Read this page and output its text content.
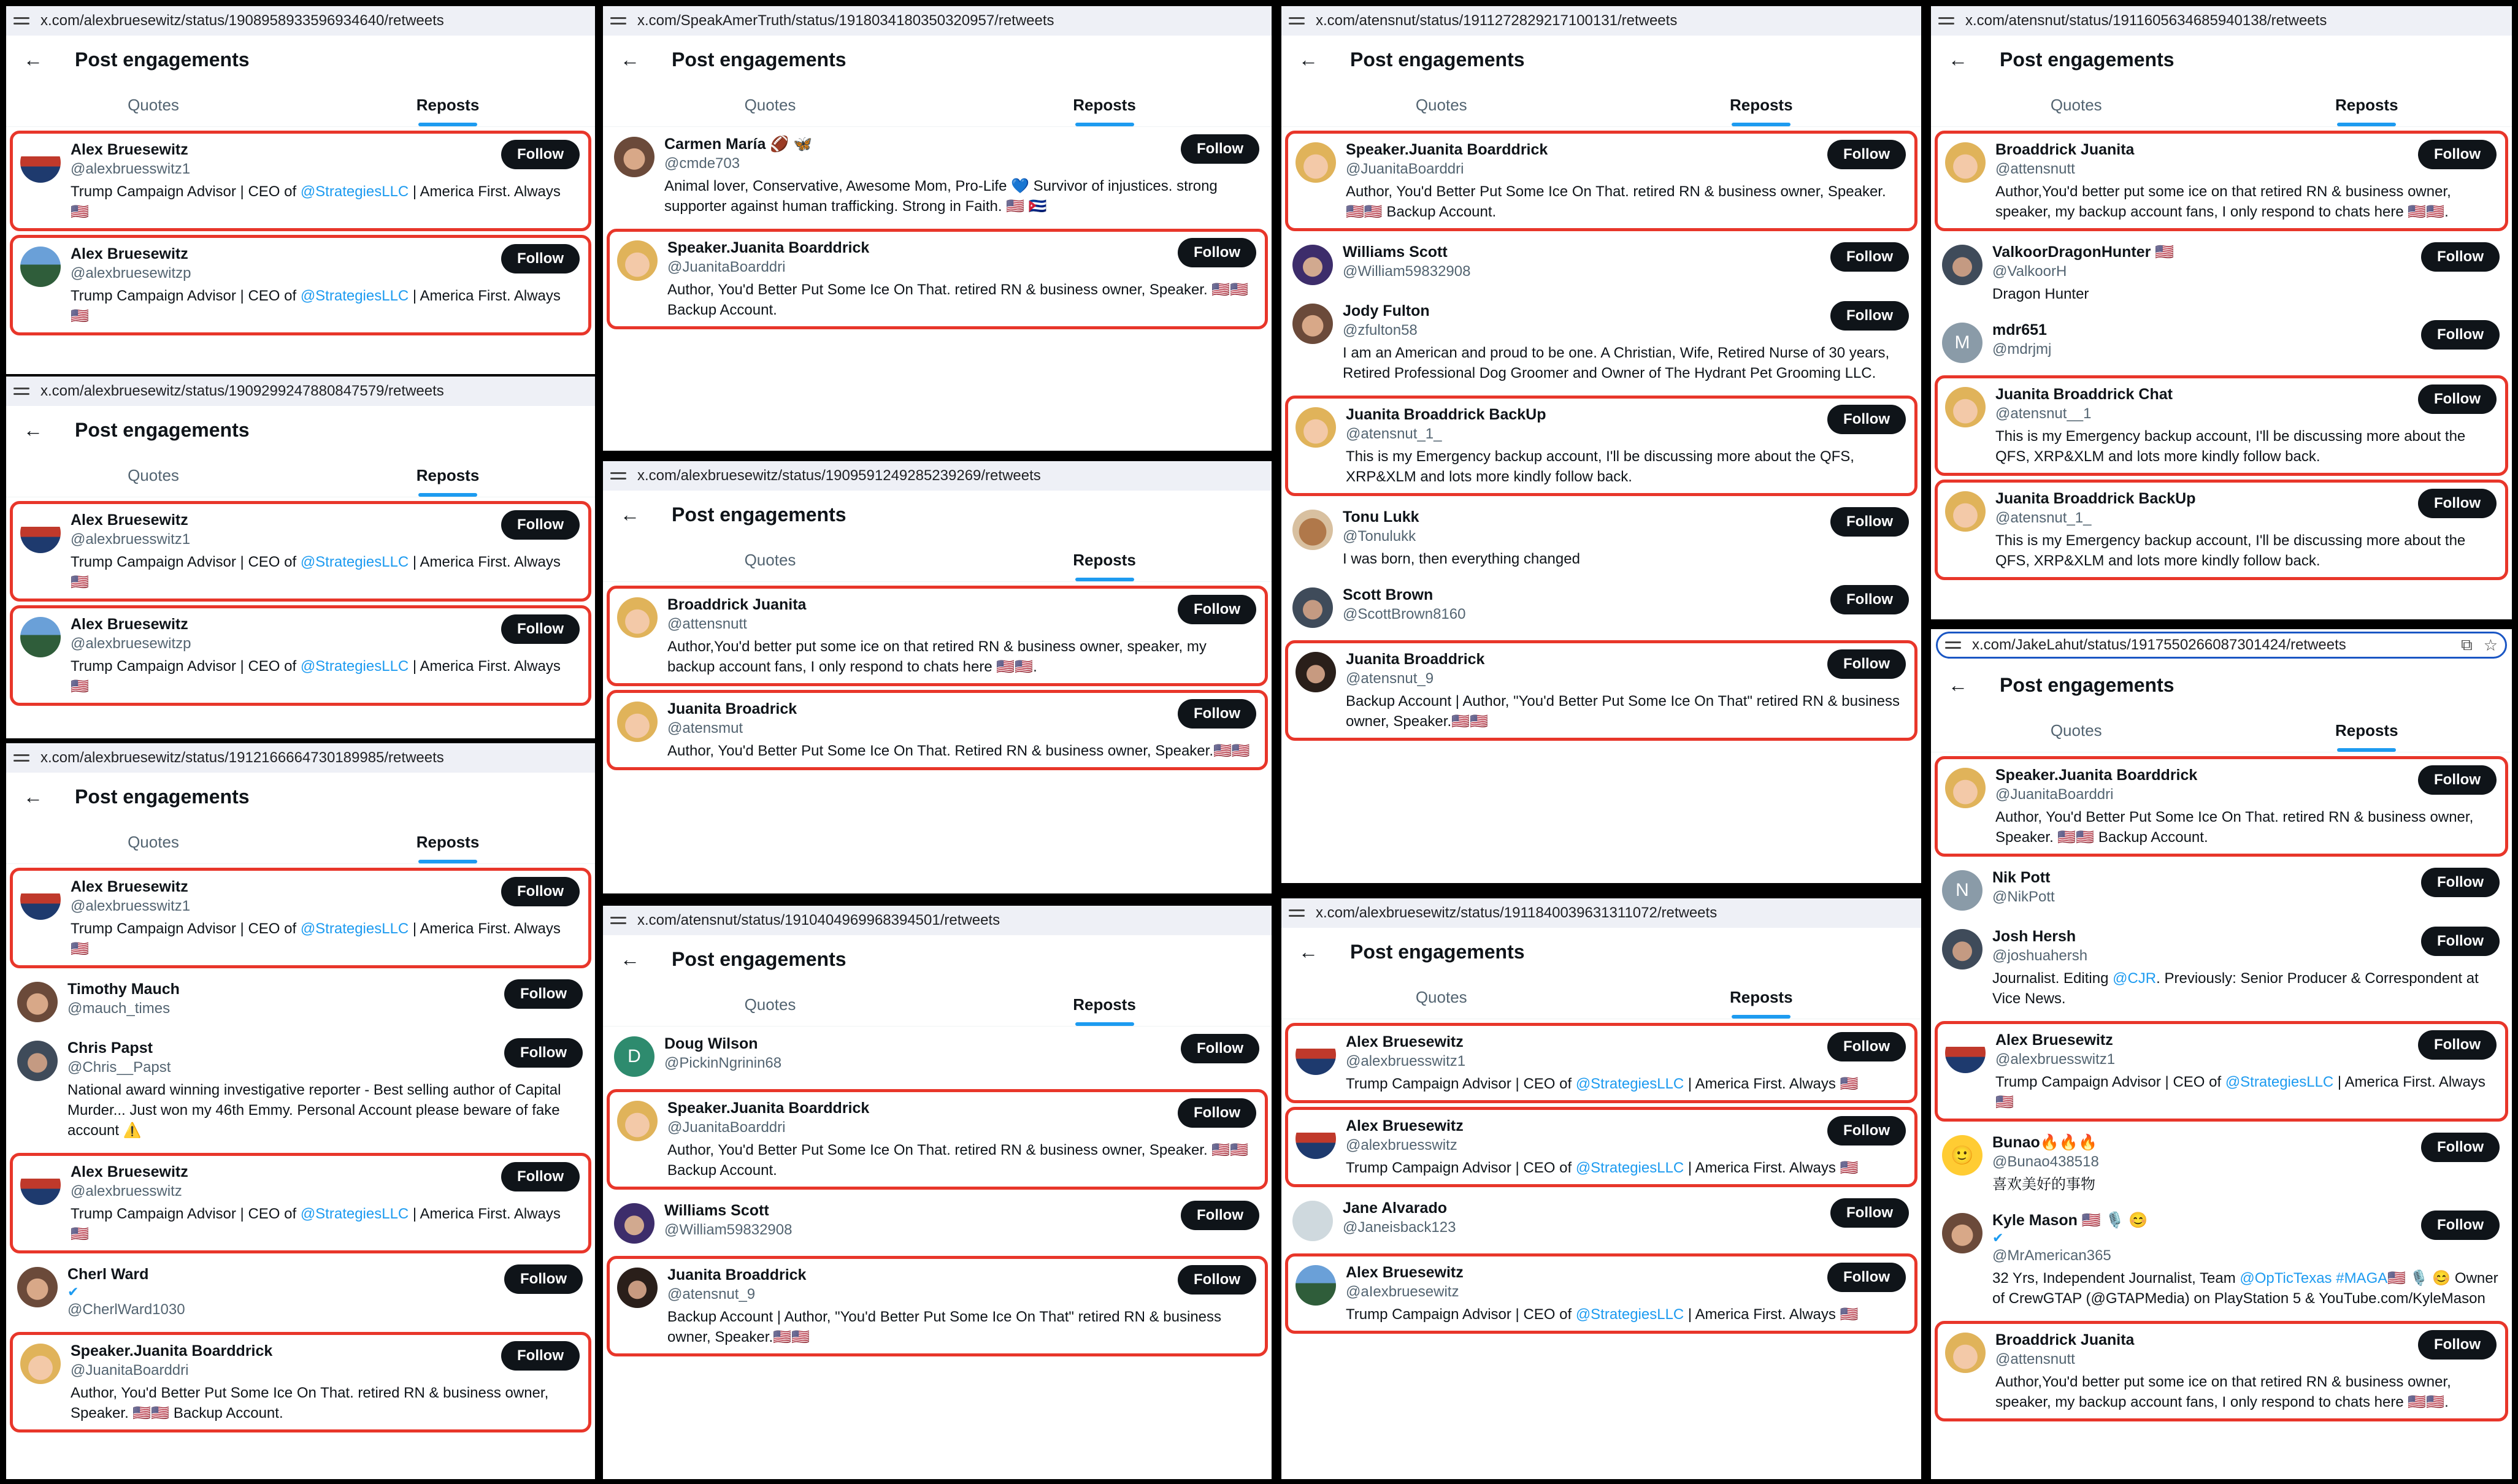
x.com/alexbruesewitz/status/1908958933596934640/retweets
← Post engagements
Quotes	Reposts
Alex Bruesewitz
@alexbruesswitz1
Follow
Trump Campaign Advisor | CEO of @StrategiesLLC | America First. Always 🇺🇸
Alex Bruesewitz
@alexbruesewitzp
Follow
Trump Campaign Advisor | CEO of @StrategiesLLC | America First. Always 🇺🇸
x.com/alexbruesewitz/status/1909299247880847579/retweets
← Post engagements
Quotes	Reposts
Alex Bruesewitz
@alexbruesswitz1
Follow
Trump Campaign Advisor | CEO of @StrategiesLLC | America First. Always 🇺🇸
Alex Bruesewitz
@alexbruesewitzp
Follow
Trump Campaign Advisor | CEO of @StrategiesLLC | America First. Always 🇺🇸
x.com/alexbruesewitz/status/1912166664730189985/retweets
← Post engagements
Quotes	Reposts
Alex Bruesewitz
@alexbruesswitz1
Follow
Trump Campaign Advisor | CEO of @StrategiesLLC | America First. Always 🇺🇸
Timothy Mauch
@mauch_times
Follow
Chris Papst
@Chris__Papst
Follow
National award winning investigative reporter - Best selling author of Capital Murder... Just won my 46th Emmy. Personal Account please beware of fake account ⚠️
Alex Bruesewitz
@alexbruesswitz
Follow
Trump Campaign Advisor | CEO of @StrategiesLLC | America First. Always 🇺🇸
Cherl Ward
✔
@CherlWard1030
Follow
Speaker.Juanita Boarddrick
@JuanitaBoarddri
Follow
Author, You'd Better Put Some Ice On That. retired RN & business owner, Speaker. 🇺🇸🇺🇸 Backup Account.
x.com/SpeakAmerTruth/status/1918034180350320957/retweets
← Post engagements
Quotes	Reposts
Carmen María 🏈 🦋
@cmde703
Follow
Animal lover, Conservative, Awesome Mom, Pro-Life 💙 Survivor of injustices. strong supporter against human trafficking. Strong in Faith. 🇺🇸 🇨🇺
Speaker.Juanita Boarddrick
@JuanitaBoarddri
Follow
Author, You'd Better Put Some Ice On That. retired RN & business owner, Speaker. 🇺🇸🇺🇸 Backup Account.
x.com/alexbruesewitz/status/1909591249285239269/retweets
← Post engagements
Quotes	Reposts
Broaddrick Juanita
@attensnutt
Follow
Author,You'd better put some ice on that retired RN & business owner, speaker, my backup account fans, I only respond to chats here 🇺🇸🇺🇸.
Juanita Broadrick
@atensmut
Follow
Author, You'd Better Put Some Ice On That. Retired RN & business owner, Speaker.🇺🇸🇺🇸
x.com/atensnut/status/1910404969968394501/retweets
← Post engagements
Quotes	Reposts
D
Doug Wilson
@PickinNgrinin68
Follow
Speaker.Juanita Boarddrick
@JuanitaBoarddri
Follow
Author, You'd Better Put Some Ice On That. retired RN & business owner, Speaker. 🇺🇸🇺🇸 Backup Account.
Williams Scott
@William59832908
Follow
Juanita Broaddrick
@atensnut_9
Follow
Backup Account | Author, "You'd Better Put Some Ice On That" retired RN & business owner, Speaker.🇺🇸🇺🇸
x.com/atensnut/status/1911272829217100131/retweets
← Post engagements
Quotes	Reposts
Speaker.Juanita Boarddrick
@JuanitaBoarddri
Follow
Author, You'd Better Put Some Ice On That. retired RN & business owner, Speaker. 🇺🇸🇺🇸 Backup Account.
Williams Scott
@William59832908
Follow
Jody Fulton
@zfulton58
Follow
I am an American and proud to be one. A Christian, Wife, Retired Nurse of 30 years, Retired Professional Dog Groomer and Owner of The Hydrant Pet Grooming LLC.
Juanita Broaddrick BackUp
@atensnut_1_
Follow
This is my Emergency backup account, I'll be discussing more about the QFS, XRP&XLM and lots more kindly follow back.
Tonu Lukk
@Tonulukk
Follow
I was born, then everything changed
Scott Brown
@ScottBrown8160
Follow
Juanita Broaddrick
@atensnut_9
Follow
Backup Account | Author, "You'd Better Put Some Ice On That" retired RN & business owner, Speaker.🇺🇸🇺🇸
x.com/alexbruesewitz/status/1911840039631311072/retweets
← Post engagements
Quotes	Reposts
Alex Bruesewitz
@alexbruesswitz1
Follow
Trump Campaign Advisor | CEO of @StrategiesLLC | America First. Always 🇺🇸
Alex Bruesewitz
@alexbruesswitz
Follow
Trump Campaign Advisor | CEO of @StrategiesLLC | America First. Always 🇺🇸
Jane Alvarado
@Janeisback123
Follow
Alex Bruesewitz
@aIexbruesewitz
Follow
Trump Campaign Advisor | CEO of @StrategiesLLC | America First. Always 🇺🇸
x.com/atensnut/status/1911605634685940138/retweets
← Post engagements
Quotes	Reposts
Broaddrick Juanita
@attensnutt
Follow
Author,You'd better put some ice on that retired RN & business owner, speaker, my backup account fans, I only respond to chats here 🇺🇸🇺🇸.
ValkoorDragonHunter 🇺🇸
@ValkoorH
Follow
Dragon Hunter
M
mdr651
@mdrjmj
Follow
Juanita Broaddrick Chat
@atensnut__1
Follow
This is my Emergency backup account, I'll be discussing more about the QFS, XRP&XLM and lots more kindly follow back.
Juanita Broaddrick BackUp
@atensnut_1_
Follow
This is my Emergency backup account, I'll be discussing more about the QFS, XRP&XLM and lots more kindly follow back.
x.com/JakeLahut/status/1917550266087301424/retweets	⧉ ☆
← Post engagements
Quotes	Reposts
Speaker.Juanita Boarddrick
@JuanitaBoarddri
Follow
Author, You'd Better Put Some Ice On That. retired RN & business owner, Speaker. 🇺🇸🇺🇸 Backup Account.
N
Nik Pott
@NikPott
Follow
Josh Hersh
@joshuahersh
Follow
Journalist. Editing @CJR. Previously: Senior Producer & Correspondent at Vice News.
Alex Bruesewitz
@alexbruesswitz1
Follow
Trump Campaign Advisor | CEO of @StrategiesLLC | America First. Always 🇺🇸
🙂
Bunao🔥🔥🔥
@Bunao438518
Follow
喜欢美好的事物
Kyle Mason 🇺🇸 🎙️ 😊
✔
@MrAmerican365
Follow
32 Yrs, Independent Journalist, Team @OpTicTexas #MAGA🇺🇸 🎙️ 😊 Owner of CrewGTAP (@GTAPMedia) on PlayStation 5 & YouTube.com/KyleMason
Broaddrick Juanita
@attensnutt
Follow
Author,You'd better put some ice on that retired RN & business owner, speaker, my backup account fans, I only respond to chats here 🇺🇸🇺🇸.
